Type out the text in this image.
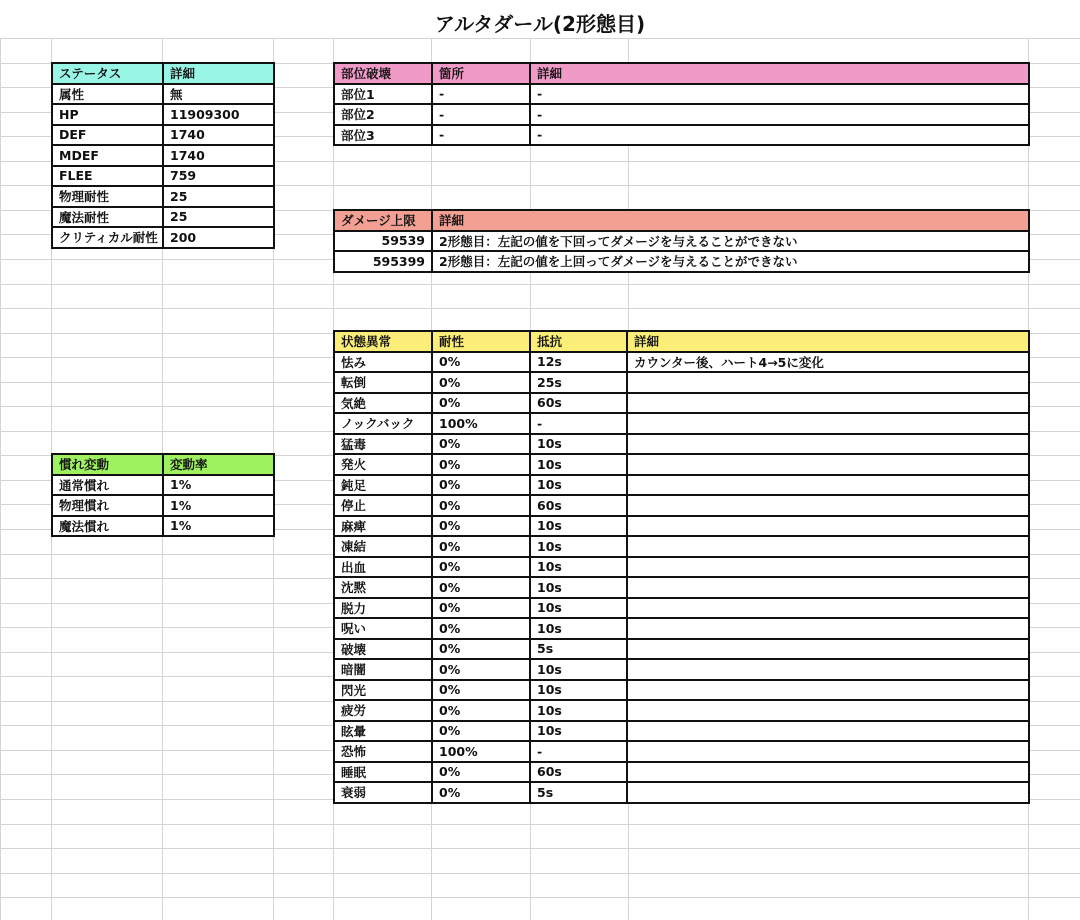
アルタダール(2形態目)
ステータス	詳細
属性	無
HP	11909300
DEF	1740
MDEF	1740
FLEE	759
物理耐性	25
魔法耐性	25
クリティカル耐性	200
慣れ変動	変動率
通常慣れ	1%
物理慣れ	1%
魔法慣れ	1%
部位破壊	箇所	詳細
部位1	-	-
部位2	-	-
部位3	-	-
ダメージ上限	詳細
59539	2形態目：左記の値を下回ってダメージを与えることができない
595399	2形態目：左記の値を上回ってダメージを与えることができない
状態異常	耐性	抵抗	詳細
怯み	0%	12s	カウンター後、ハート4→5に変化
転倒	0%	25s	
気絶	0%	60s	
ノックバック	100%	-	
猛毒	0%	10s	
発火	0%	10s	
鈍足	0%	10s	
停止	0%	60s	
麻痺	0%	10s	
凍結	0%	10s	
出血	0%	10s	
沈黙	0%	10s	
脱力	0%	10s	
呪い	0%	10s	
破壊	0%	5s	
暗闇	0%	10s	
閃光	0%	10s	
疲労	0%	10s	
眩暈	0%	10s	
恐怖	100%	-	
睡眠	0%	60s	
衰弱	0%	5s	
